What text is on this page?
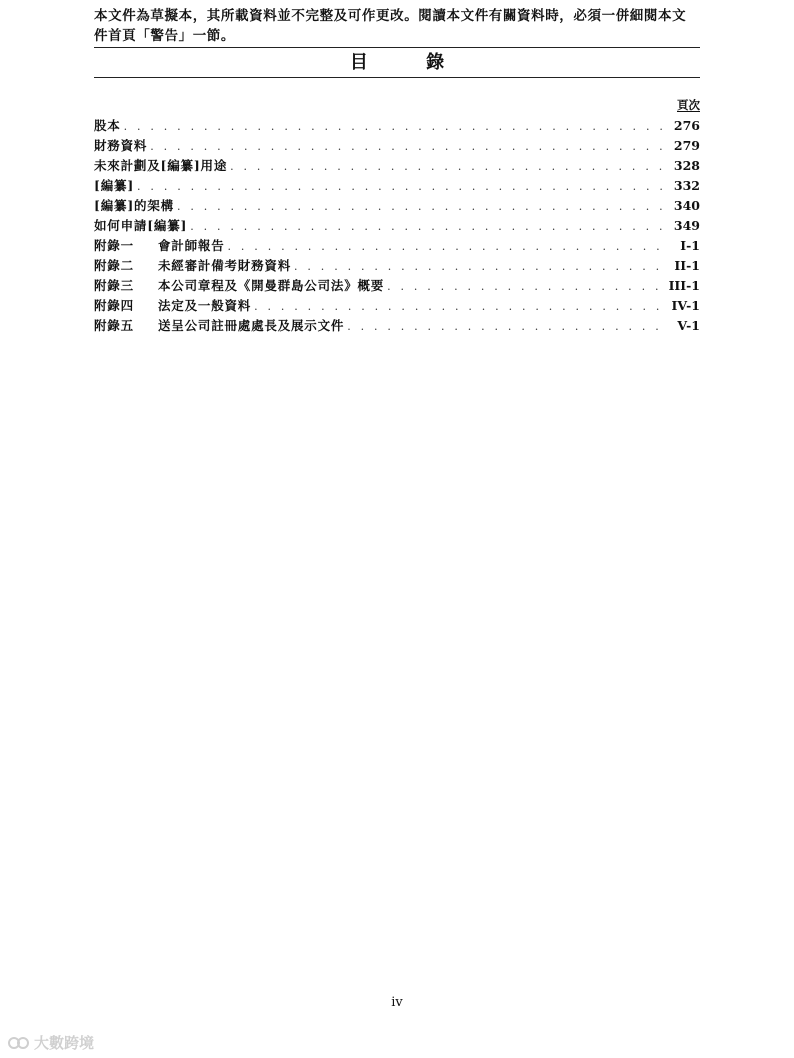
本文件為草擬本，其所載資料並不完整及可作更改。閱讀本文件有關資料時，必須一併細閱本文件首頁「警告」一節。
目 錄
頁次
股本 . . .	276
財務資料 . . .	279
未來計劃及[編纂]用途 . . .	328
[編纂] . . .	332
[編纂]的架構 . . .	340
如何申請[編纂] . . .	349
附錄一 會計師報告 . . .	I-1
附錄二 未經審計備考財務資料 . . .	II-1
附錄三 本公司章程及《開曼群島公司法》概要 . . .	III-1
附錄四 法定及一般資料 . . .	IV-1
附錄五 送呈公司註冊處處長及展示文件 . . .	V-1
iv
大數跨境
